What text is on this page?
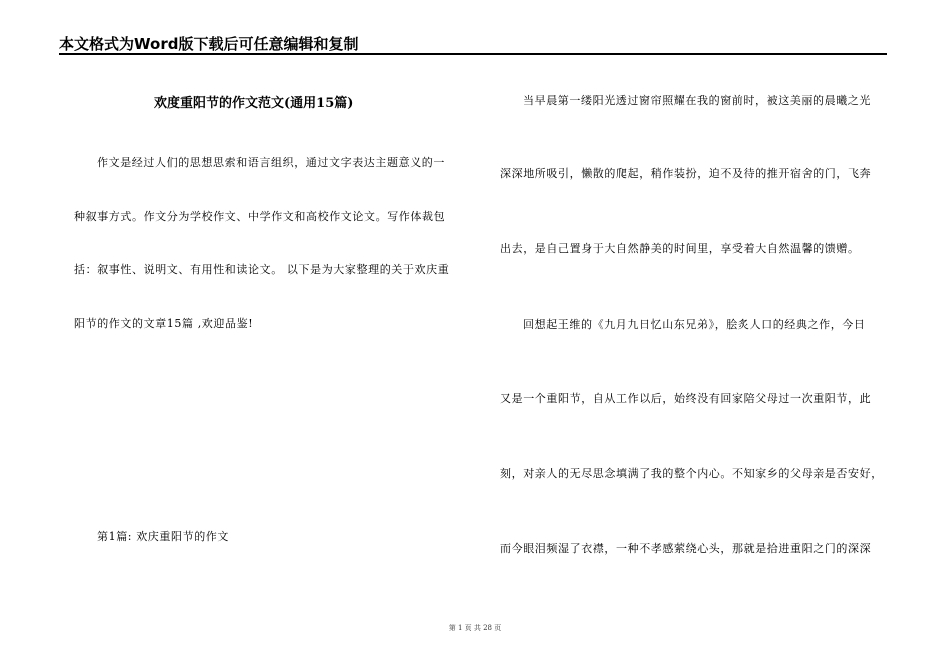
本文格式为Word版下载后可任意编辑和复制
欢度重阳节的作文范文(通用15篇)
作文是经过人们的思想思索和语言组织，通过文字表达主题意义的一
种叙事方式。作文分为学校作文、中学作文和高校作文论文。写作体裁包
括：叙事性、说明文、有用性和读论文。 以下是为大家整理的关于欢庆重
阳节的作文的文章15篇 ,欢迎品鉴!
第1篇: 欢庆重阳节的作文
当早晨第一缕阳光透过窗帘照耀在我的窗前时，被这美丽的晨曦之光
深深地所吸引，懒散的爬起，稍作装扮，迫不及待的推开宿舍的门，飞奔
出去，是自己置身于大自然静美的时间里，享受着大自然温馨的馈赠。
回想起王维的《九月九日忆山东兄弟》，脍炙人口的经典之作，今日
又是一个重阳节，自从工作以后，始终没有回家陪父母过一次重阳节，此
刻，对亲人的无尽思念填满了我的整个内心。不知家乡的父母亲是否安好，
而今眼泪频湿了衣襟，一种不孝感萦绕心头，那就是拾进重阳之门的深深
第 1 页 共 28 页
